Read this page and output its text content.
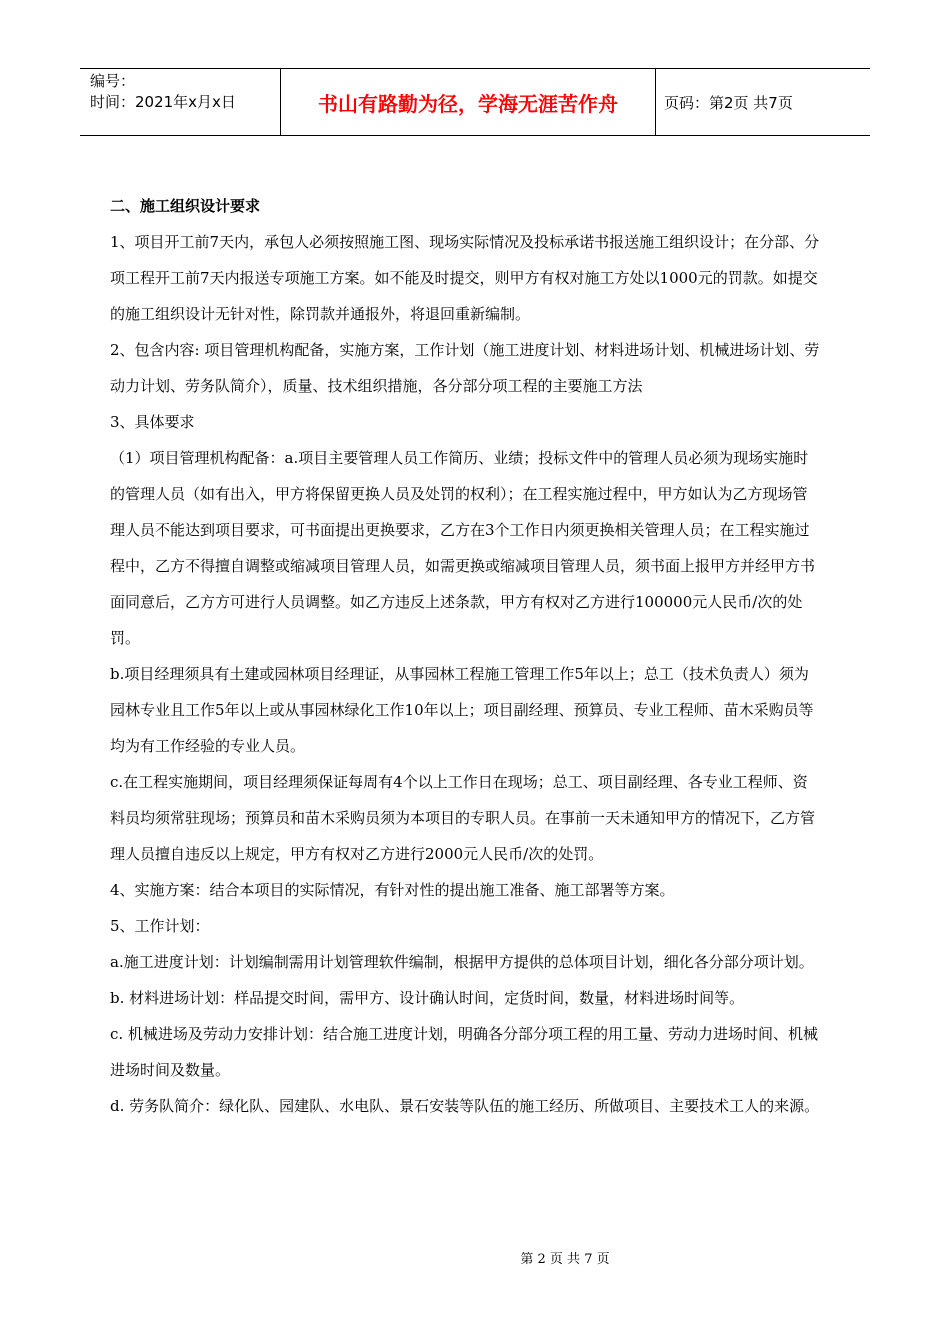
编号：
时间：2021年x月x日	书山有路勤为径，学海无涯苦作舟	页码：第2页 共7页

二、施工组织设计要求

1、项目开工前7天内，承包人必须按照施工图、现场实际情况及投标承诺书报送施工组织设计；在分部、分项工程开工前7天内报送专项施工方案。如不能及时提交，则甲方有权对施工方处以1000元的罚款。如提交的施工组织设计无针对性，除罚款并通报外，将退回重新编制。

2、包含内容: 项目管理机构配备，实施方案，工作计划（施工进度计划、材料进场计划、机械进场计划、劳动力计划、劳务队简介），质量、技术组织措施，各分部分项工程的主要施工方法

3、具体要求

（1）项目管理机构配备：a.项目主要管理人员工作简历、业绩；投标文件中的管理人员必须为现场实施时的管理人员（如有出入，甲方将保留更换人员及处罚的权利）；在工程实施过程中，甲方如认为乙方现场管理人员不能达到项目要求，可书面提出更换要求，乙方在3个工作日内须更换相关管理人员；在工程实施过程中，乙方不得擅自调整或缩减项目管理人员，如需更换或缩减项目管理人员，须书面上报甲方并经甲方书面同意后，乙方方可进行人员调整。如乙方违反上述条款，甲方有权对乙方进行100000元人民币/次的处罚。

b.项目经理须具有土建或园林项目经理证，从事园林工程施工管理工作5年以上；总工（技术负责人）须为园林专业且工作5年以上或从事园林绿化工作10年以上；项目副经理、预算员、专业工程师、苗木采购员等均为有工作经验的专业人员。

c.在工程实施期间，项目经理须保证每周有4个以上工作日在现场；总工、项目副经理、各专业工程师、资料员均须常驻现场；预算员和苗木采购员须为本项目的专职人员。在事前一天未通知甲方的情况下，乙方管理人员擅自违反以上规定，甲方有权对乙方进行2000元人民币/次的处罚。

4、实施方案：结合本项目的实际情况，有针对性的提出施工准备、施工部署等方案。

5、工作计划：

a.施工进度计划：计划编制需用计划管理软件编制，根据甲方提供的总体项目计划，细化各分部分项计划。

b. 材料进场计划：样品提交时间，需甲方、设计确认时间，定货时间，数量，材料进场时间等。

c. 机械进场及劳动力安排计划：结合施工进度计划，明确各分部分项工程的用工量、劳动力进场时间、机械进场时间及数量。

d. 劳务队简介：绿化队、园建队、水电队、景石安装等队伍的施工经历、所做项目、主要技术工人的来源。

第 2 页 共 7 页
